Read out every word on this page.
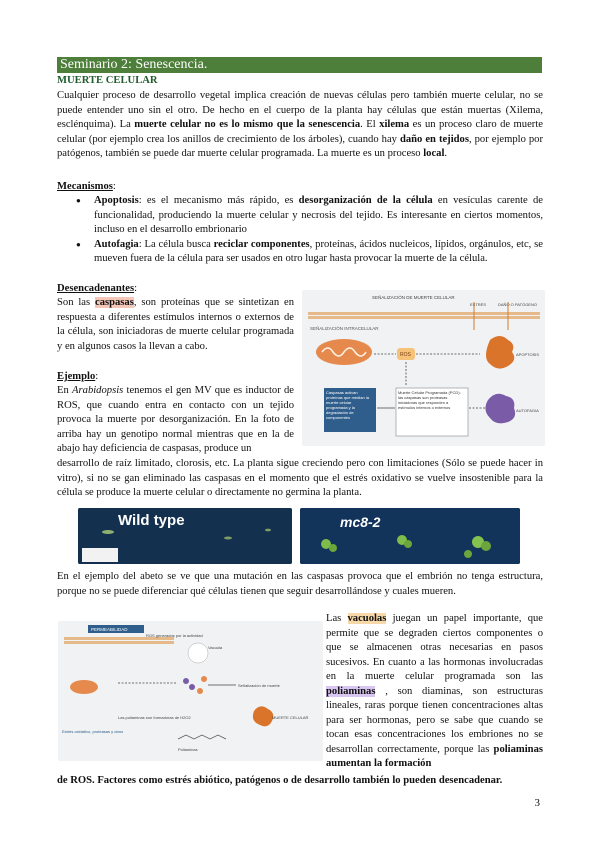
Seminario 2: Senescencia.
MUERTE CELULAR

Cualquier proceso de desarrollo vegetal implica creación de nuevas células pero también muerte celular, no se puede entender uno sin el otro. De hecho en el cuerpo de la planta hay células que están muertas (Xilema, esclénquima). La muerte celular no es lo mismo que la senescencia. El xilema es un proceso claro de muerte celular (por ejemplo crea los anillos de crecimiento de los árboles), cuando hay daño en tejidos, por ejemplo por patógenos, también se puede dar muerte celular programada. La muerte es un proceso local.

Mecanismos:
● Apoptosis: es el mecanismo más rápido, es desorganización de la célula en vesículas carente de funcionalidad, produciendo la muerte celular y necrosis del tejido. Es interesante en ciertos momentos, incluso en el desarrollo embrionario
● Autofagia: La célula busca reciclar componentes, proteínas, ácidos nucleicos, lípidos, orgánulos, etc, se mueven fuera de la célula para ser usados en otro lugar hasta provocar la muerte de la célula.
Desencadenantes:

Son las caspasas, son proteínas que se sintetizan en respuesta a diferentes estímulos internos o externos de la célula, son iniciadoras de muerte celular programada y en algunos casos la llevan a cabo.

SEÑALIZACIÓN DE MUERTE CELULAR
ESTRÉS	DAÑO O PATÓGENO
SEÑALIZACIÓN INTRACELULAR
ROS	APOPTOSIS
AUTOFAGIA
Caspasas activan proteínas que median la muerte celular programada y la degradación de componentes
Muerte Celular Programada (PCD): las caspasas son proteasas iniciadoras que responden a estímulos internos o externos
Ejemplo:

En Arabidopsis tenemos el gen MV que es inductor de ROS, que cuando entra en contacto con un tejido provoca la muerte por desorganización. En la foto de arriba hay un genotipo normal mientras que en la de abajo hay deficiencia de caspasas, produce un

desarrollo de raíz limitado, clorosis, etc. La planta sigue creciendo pero con limitaciones (Sólo se puede hacer in vitro), si no se gan eliminado las caspasas en el momento que el estrés oxidativo se vuelve insostenible para la célula se produce la muerte celular o directamente no germina la planta.

Wild type	mc8-2

En el ejemplo del abeto se ve que una mutación en las caspasas provoca que el embrión no tenga estructura, porque no se puede diferenciar qué células tienen que seguir desarrollándose y cuales mueren.

PERMEABILIDAD
ROS generados por la actividad
Vacuola
Señalización de muerte
MUERTE CELULAR
Las poliaminas son formadoras de H2O2
Estrés oxidativo, proteasas y otros
Poliaminas

Las vacuolas juegan un papel importante, que permite que se degraden ciertos componentes o que se almacenen otras necesarias en pasos sucesivos. En cuanto a las hormonas involucradas en la muerte celular programada son las poliaminas , son diaminas, son estructuras lineales, raras porque tienen concentraciones altas para ser hormonas, pero se sabe que cuando se tocan esas concentraciones los embriones no se desarrollan correctamente, porque las poliaminas aumentan la formación

de ROS. Factores como estrés abiótico, patógenos o de desarrollo también lo pueden desencadenar.

3
